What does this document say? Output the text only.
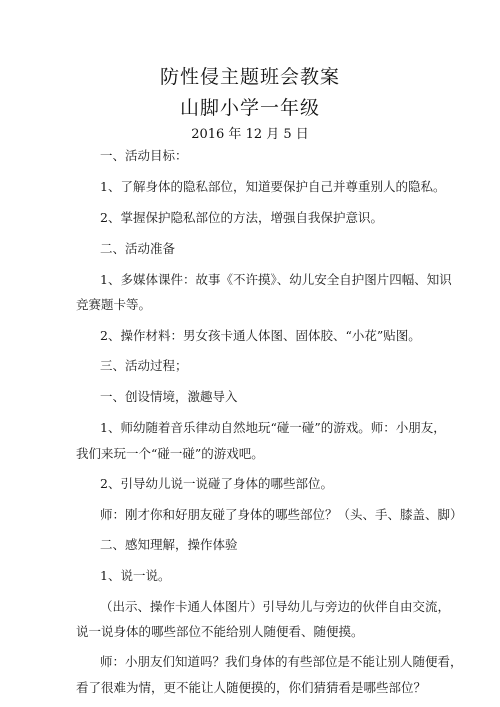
防性侵主题班会教案
山脚小学一年级
2016 年 12 月 5 日
一、活动目标：
1、了解身体的隐私部位，知道要保护自己并尊重别人的隐私。
2、掌握保护隐私部位的方法，增强自我保护意识。
二、活动准备
1、多媒体课件：故事《不许摸》、幼儿安全自护图片四幅、知识
竞赛题卡等。
2、操作材料：男女孩卡通人体图、固体胶、“小花”贴图。
三、活动过程；
一、创设情境，激趣导入
1、师幼随着音乐律动自然地玩“碰一碰”的游戏。师：小朋友，
我们来玩一个“碰一碰”的游戏吧。
2、引导幼儿说一说碰了身体的哪些部位。
师：刚才你和好朋友碰了身体的哪些部位？（头、手、膝盖、脚）
二、感知理解，操作体验
1、说一说。
（出示、操作卡通人体图片）引导幼儿与旁边的伙伴自由交流，
说一说身体的哪些部位不能给别人随便看、随便摸。
师：小朋友们知道吗？我们身体的有些部位是不能让别人随便看，
看了很难为情，更不能让人随便摸的，你们猜猜看是哪些部位？
